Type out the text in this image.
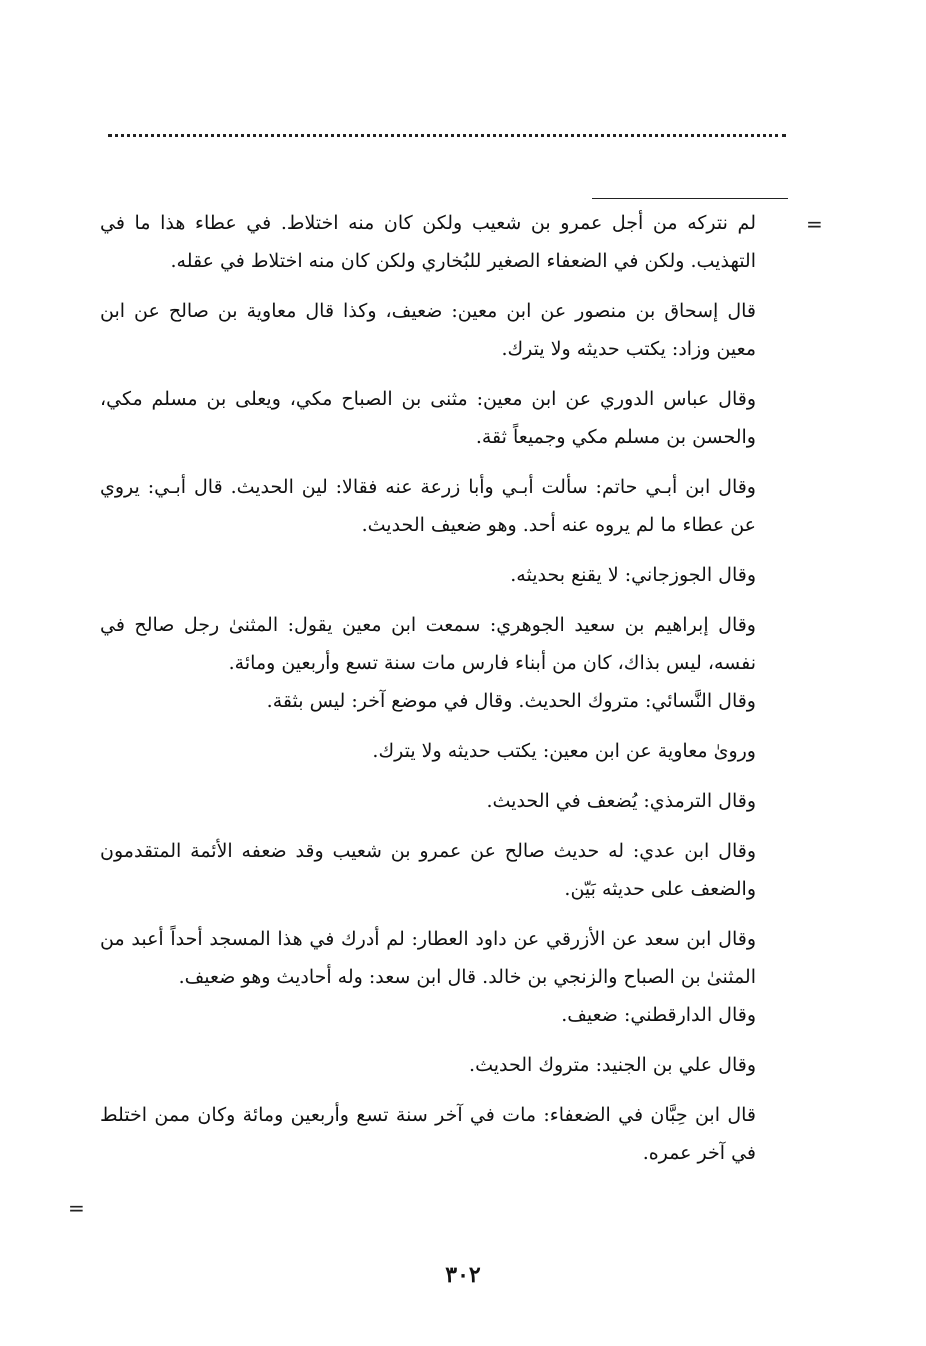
=

لم نتركه من أجل عمرو بن شعيب ولكن كان منه اختلاط. في عطاء هذا ما في التهذيب. ولكن في الضعفاء الصغير للبُخاري ولكن كان منه اختلاط في عقله.

قال إسحاق بن منصور عن ابن معين: ضعيف، وكذا قال معاوية بن صالح عن ابن معين وزاد: يكتب حديثه ولا يترك.

وقال عباس الدوري عن ابن معين: مثنى بن الصباح مكي، ويعلى بن مسلم مكي، والحسن بن مسلم مكي وجميعاً ثقة.

وقال ابن أبـي حاتم: سألت أبـي وأبا زرعة عنه فقالا: لين الحديث. قال أبـي: يروي عن عطاء ما لم يروه عنه أحد. وهو ضعيف الحديث.

وقال الجوزجاني: لا يقنع بحديثه.

وقال إبراهيم بن سعيد الجوهري: سمعت ابن معين يقول: المثنىٰ رجل صالح في نفسه، ليس بذاك، كان من أبناء فارس مات سنة تسع وأربعين ومائة.

وقال النَّسائي: متروك الحديث. وقال في موضع آخر: ليس بثقة.

ورویٰ معاوية عن ابن معين: يكتب حديثه ولا يترك.

وقال الترمذي: يُضعف في الحديث.

وقال ابن عدي: له حديث صالح عن عمرو بن شعيب وقد ضعفه الأئمة المتقدمون والضعف على حديثه بَيّن.

وقال ابن سعد عن الأزرقي عن داود العطار: لم أدرك في هذا المسجد أحداً أعبد من المثنىٰ بن الصباح والزنجي بن خالد. قال ابن سعد: وله أحاديث وهو ضعيف.

وقال الدارقطني: ضعيف.

وقال علي بن الجنيد: متروك الحديث.

قال ابن حِبَّان في الضعفاء: مات في آخر سنة تسع وأربعين ومائة وكان ممن اختلط في آخر عمره.

=
٣٠٢
